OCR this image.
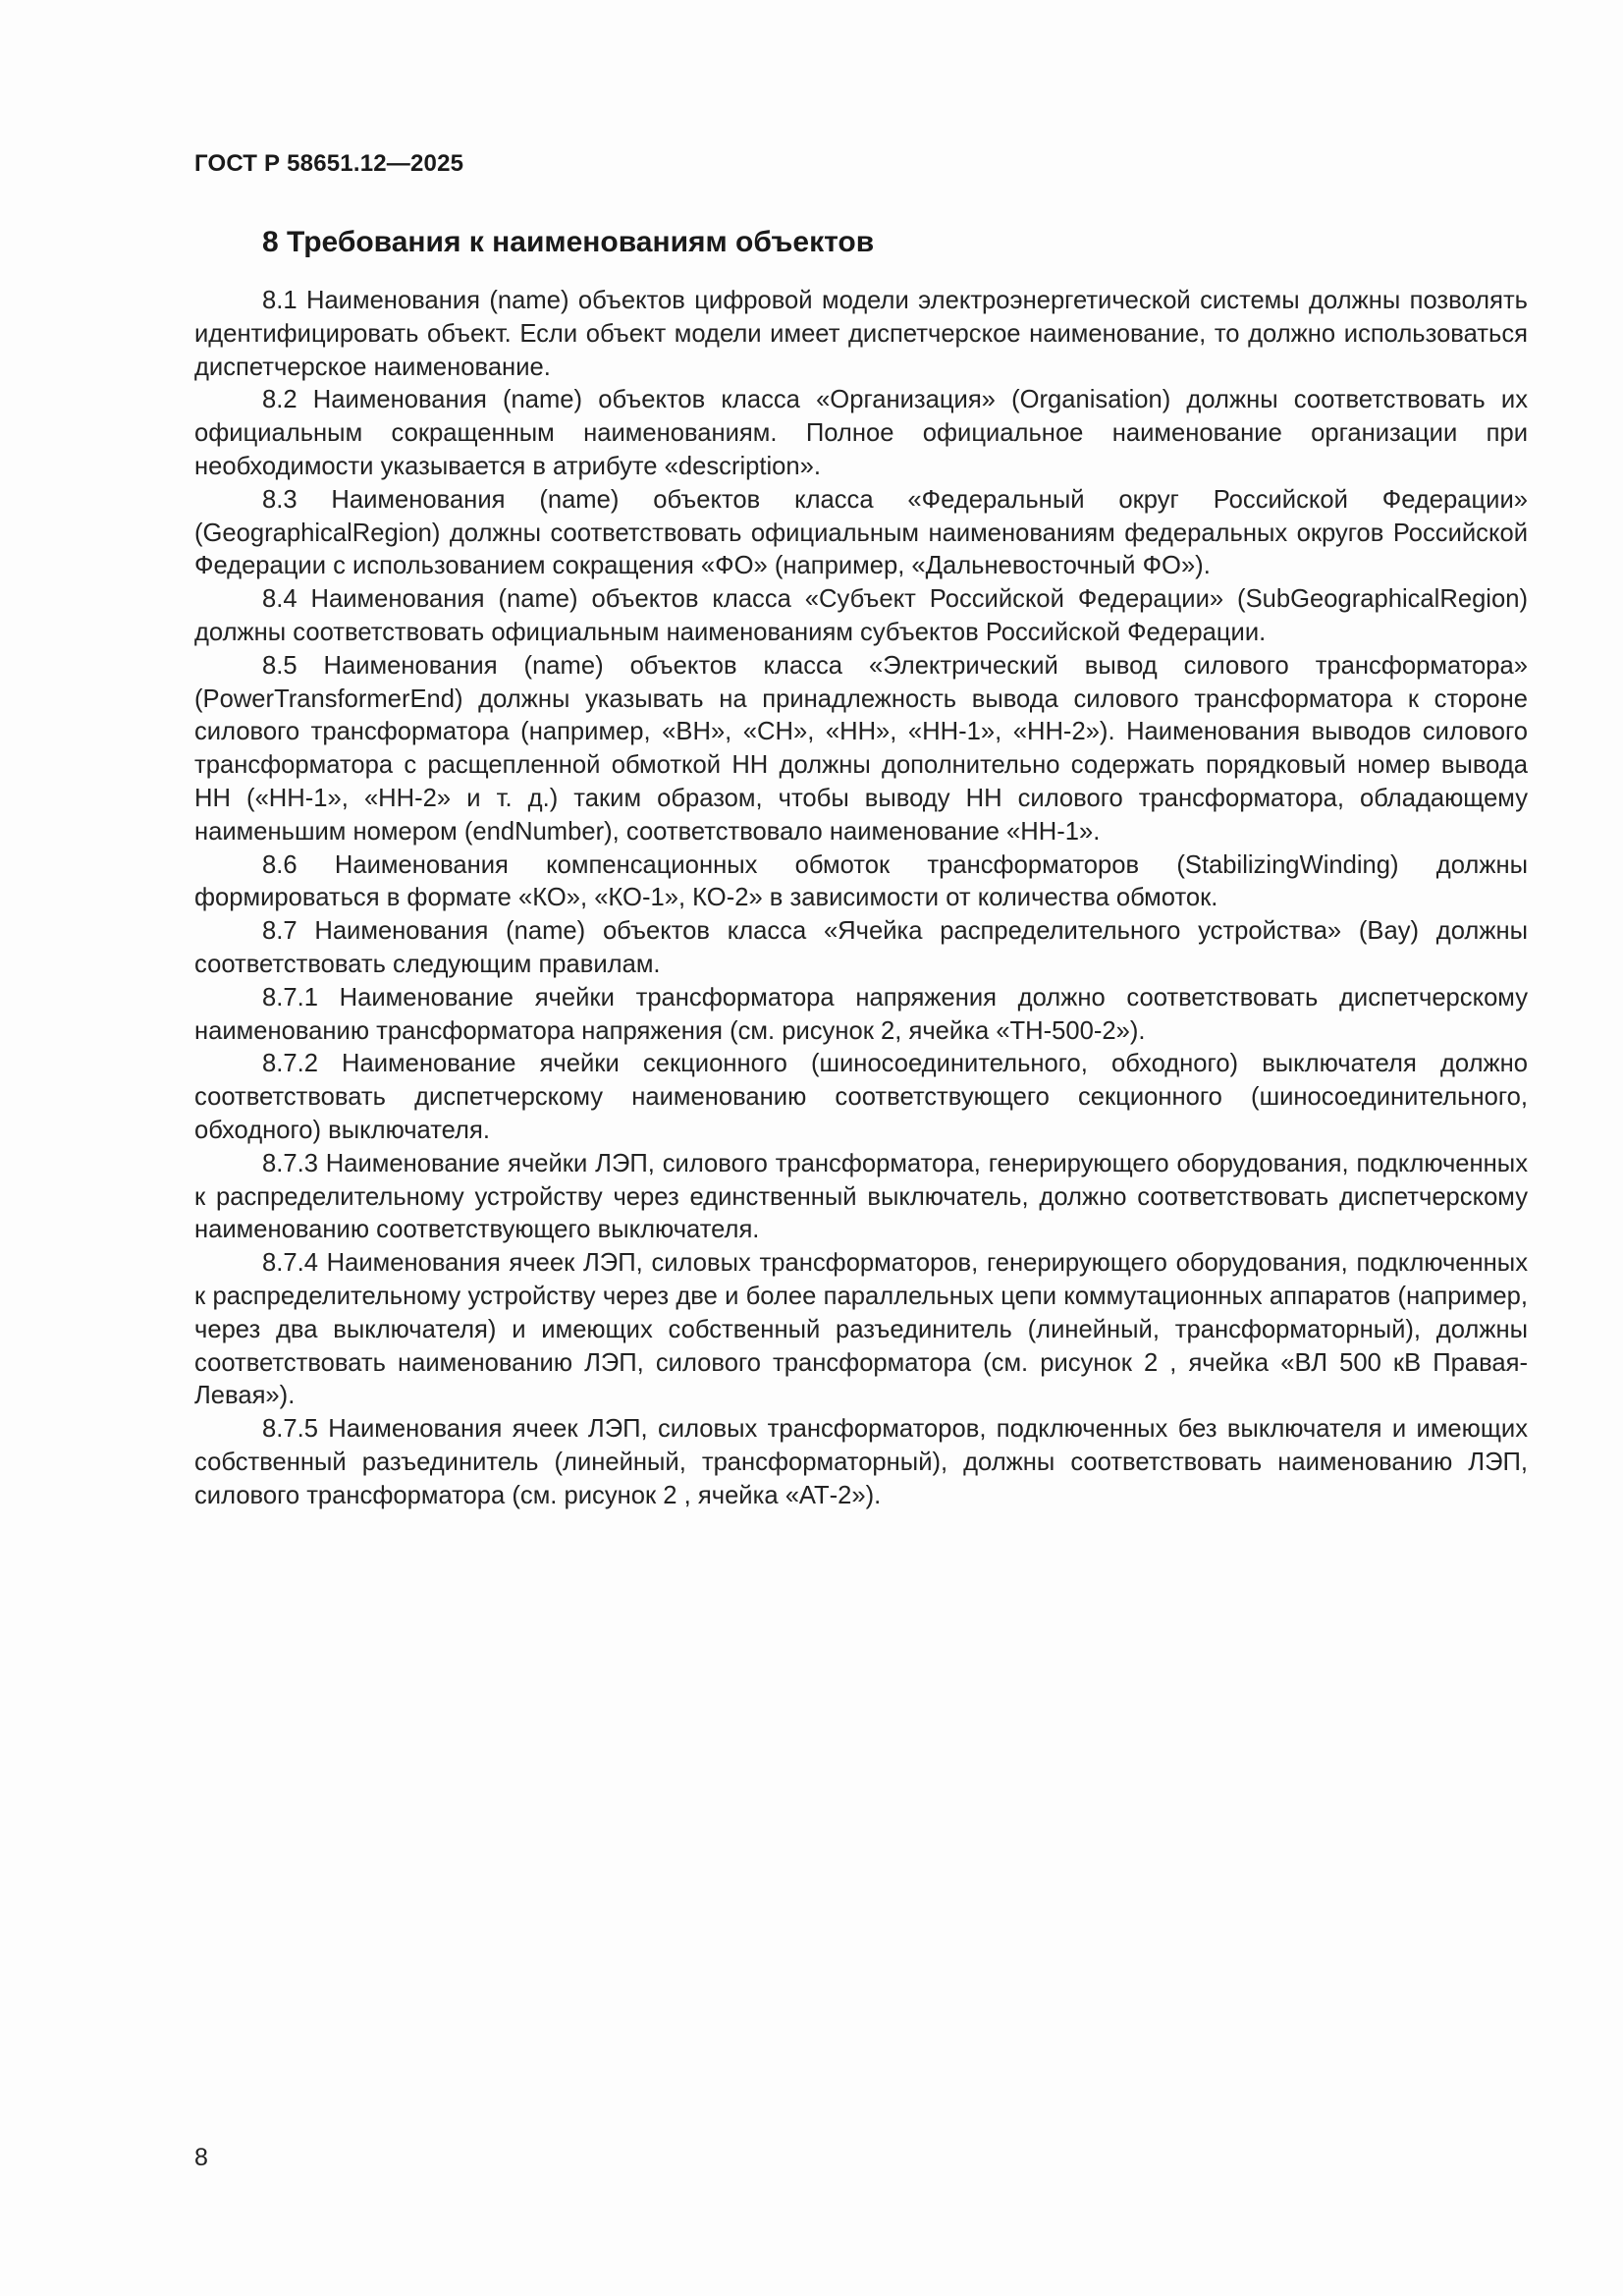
ГОСТ Р 58651.12—2025
8 Требования к наименованиям объектов

8.1 Наименования (name) объектов цифровой модели электроэнергетической системы должны позволять идентифицировать объект. Если объект модели имеет диспетчерское наименование, то должно использоваться диспетчерское наименование.

8.2 Наименования (name) объектов класса «Организация» (Organisation) должны соответствовать их официальным сокращенным наименованиям. Полное официальное наименование организации при необходимости указывается в атрибуте «description».

8.3 Наименования (name) объектов класса «Федеральный округ Российской Федерации» (GeographicalRegion) должны соответствовать официальным наименованиям федеральных округов Российской Федерации с использованием сокращения «ФО» (например, «Дальневосточный ФО»).

8.4 Наименования (name) объектов класса «Субъект Российской Федерации» (SubGeographicalRegion) должны соответствовать официальным наименованиям субъектов Российской Федерации.

8.5 Наименования (name) объектов класса «Электрический вывод силового трансформатора» (PowerTransformerEnd) должны указывать на принадлежность вывода силового трансформатора к стороне силового трансформатора (например, «ВН», «СН», «НН», «НН-1», «НН-2»). Наименования выводов силового трансформатора с расщепленной обмоткой НН должны дополнительно содержать порядковый номер вывода НН («НН-1», «НН-2» и т. д.) таким образом, чтобы выводу НН силового трансформатора, обладающему наименьшим номером (endNumber), соответствовало наименование «НН-1».

8.6 Наименования компенсационных обмоток трансформаторов (StabilizingWinding) должны формироваться в формате «КО», «КО-1», КО-2» в зависимости от количества обмоток.

8.7 Наименования (name) объектов класса «Ячейка распределительного устройства» (Bay) должны соответствовать следующим правилам.

8.7.1 Наименование ячейки трансформатора напряжения должно соответствовать диспетчерскому наименованию трансформатора напряжения (см. рисунок 2, ячейка «ТН-500-2»).

8.7.2 Наименование ячейки секционного (шиносоединительного, обходного) выключателя должно соответствовать диспетчерскому наименованию соответствующего секционного (шиносоединительного, обходного) выключателя.

8.7.3 Наименование ячейки ЛЭП, силового трансформатора, генерирующего оборудования, подключенных к распределительному устройству через единственный выключатель, должно соответствовать диспетчерскому наименованию соответствующего выключателя.

8.7.4 Наименования ячеек ЛЭП, силовых трансформаторов, генерирующего оборудования, подключенных к распределительному устройству через две и более параллельных цепи коммутационных аппаратов (например, через два выключателя) и имеющих собственный разъединитель (линейный, трансформаторный), должны соответствовать наименованию ЛЭП, силового трансформатора (см. рисунок 2 , ячейка «ВЛ 500 кВ Правая-Левая»).

8.7.5 Наименования ячеек ЛЭП, силовых трансформаторов, подключенных без выключателя и имеющих собственный разъединитель (линейный, трансформаторный), должны соответствовать наименованию ЛЭП, силового трансформатора (см. рисунок 2 , ячейка «АТ-2»).

8
